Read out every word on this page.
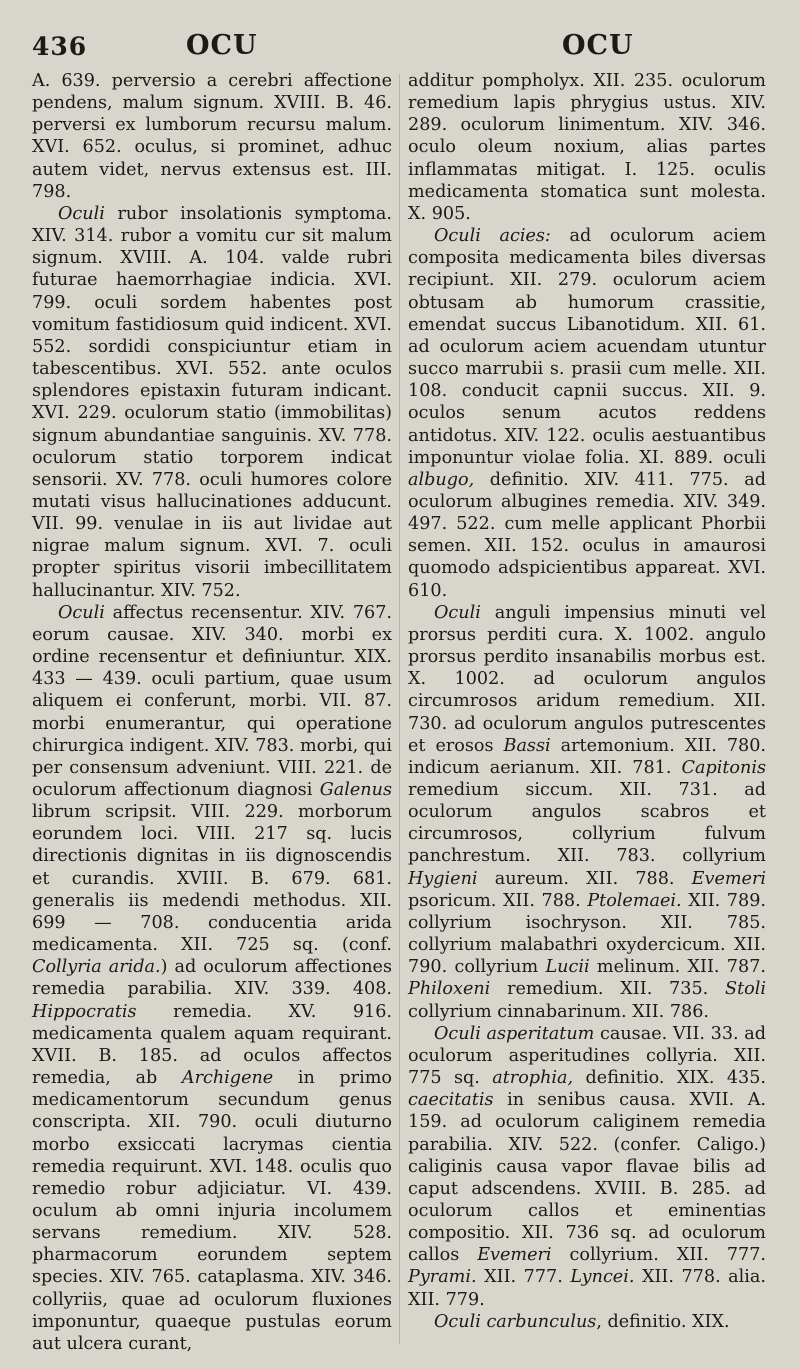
436	OCU	OCU

A. 639. perversio a cerebri affectione pendens, malum signum. XVIII. B. 46. perversi ex lumborum recursu malum. XVI. 652. oculus, si prominet, adhuc autem videt, nervus extensus est. III. 798.

Oculi rubor insolationis symptoma. XIV. 314. rubor a vomitu cur sit malum signum. XVIII. A. 104. valde rubri futurae haemorrhagiae indicia. XVI. 799. oculi sordem habentes post vomitum fastidiosum quid indicent. XVI. 552. sordidi conspiciuntur etiam in tabescentibus. XVI. 552. ante oculos splendores epistaxin futuram indicant. XVI. 229. oculorum statio (immobilitas) signum abundantiae sanguinis. XV. 778. oculorum statio torporem indicat sensorii. XV. 778. oculi humores colore mutati visus hallucinationes adducunt. VII. 99. venulae in iis aut lividae aut nigrae malum signum. XVI. 7. oculi propter spiritus visorii imbecillitatem hallucinantur. XIV. 752.

Oculi affectus recensentur. XIV. 767. eorum causae. XIV. 340. morbi ex ordine recensentur et definiuntur. XIX. 433 — 439. oculi partium, quae usum aliquem ei conferunt, morbi. VII. 87. morbi enumerantur, qui operatione chirurgica indigent. XIV. 783. morbi, qui per consensum adveniunt. VIII. 221. de oculorum affectionum diagnosi Galenus librum scripsit. VIII. 229. morborum eorundem loci. VIII. 217 sq. lucis directionis dignitas in iis dignoscendis et curandis. XVIII. B. 679. 681. generalis iis medendi methodus. XII. 699 — 708. conducentia arida medicamenta. XII. 725 sq. (conf. Collyria arida.) ad oculorum affectiones remedia parabilia. XIV. 339. 408. Hippocratis remedia. XV. 916. medicamenta qualem aquam requirant. XVII. B. 185. ad oculos affectos remedia, ab Archigene in primo medicamentorum secundum genus conscripta. XII. 790. oculi diuturno morbo exsiccati lacrymas cientia remedia requirunt. XVI. 148. oculis quo remedio robur adjiciatur. VI. 439. oculum ab omni injuria incolumem servans remedium. XIV. 528. pharmacorum eorundem septem species. XIV. 765. cataplasma. XIV. 346. collyriis, quae ad oculorum fluxiones imponuntur, quaeque pustulas eorum aut ulcera curant,

additur pompholyx. XII. 235. oculorum remedium lapis phrygius ustus. XIV. 289. oculorum linimentum. XIV. 346. oculo oleum noxium, alias partes inflammatas mitigat. I. 125. oculis medicamenta stomatica sunt molesta. X. 905.

Oculi acies: ad oculorum aciem composita medicamenta biles diversas recipiunt. XII. 279. oculorum aciem obtusam ab humorum crassitie, emendat succus Libanotidum. XII. 61. ad oculorum aciem acuendam utuntur succo marrubii s. prasii cum melle. XII. 108. conducit capnii succus. XII. 9. oculos senum acutos reddens antidotus. XIV. 122. oculis aestuantibus imponuntur violae folia. XI. 889. oculi albugo, definitio. XIV. 411. 775. ad oculorum albugines remedia. XIV. 349. 497. 522. cum melle applicant Phorbii semen. XII. 152. oculus in amaurosi quomodo adspicientibus appareat. XVI. 610.

Oculi anguli impensius minuti vel prorsus perditi cura. X. 1002. angulo prorsus perdito insanabilis morbus est. X. 1002. ad oculorum angulos circumrosos aridum remedium. XII. 730. ad oculorum angulos putrescentes et erosos Bassi artemonium. XII. 780. indicum aerianum. XII. 781. Capitonis remedium siccum. XII. 731. ad oculorum angulos scabros et circumrosos, collyrium fulvum panchrestum. XII. 783. collyrium Hygieni aureum. XII. 788. Evemeri psoricum. XII. 788. Ptolemaei. XII. 789. collyrium isochryson. XII. 785. collyrium malabathri oxydercicum. XII. 790. collyrium Lucii melinum. XII. 787. Philoxeni remedium. XII. 735. Stoli collyrium cinnabarinum. XII. 786.

Oculi asperitatum causae. VII. 33. ad oculorum asperitudines collyria. XII. 775 sq. atrophia, definitio. XIX. 435. caecitatis in senibus causa. XVII. A. 159. ad oculorum caliginem remedia parabilia. XIV. 522. (confer. Caligo.) caliginis causa vapor flavae bilis ad caput adscendens. XVIII. B. 285. ad oculorum callos et eminentias compositio. XII. 736 sq. ad oculorum callos Evemeri collyrium. XII. 777. Pyrami. XII. 777. Lyncei. XII. 778. alia. XII. 779.

Oculi carbunculus, definitio. XIX.
